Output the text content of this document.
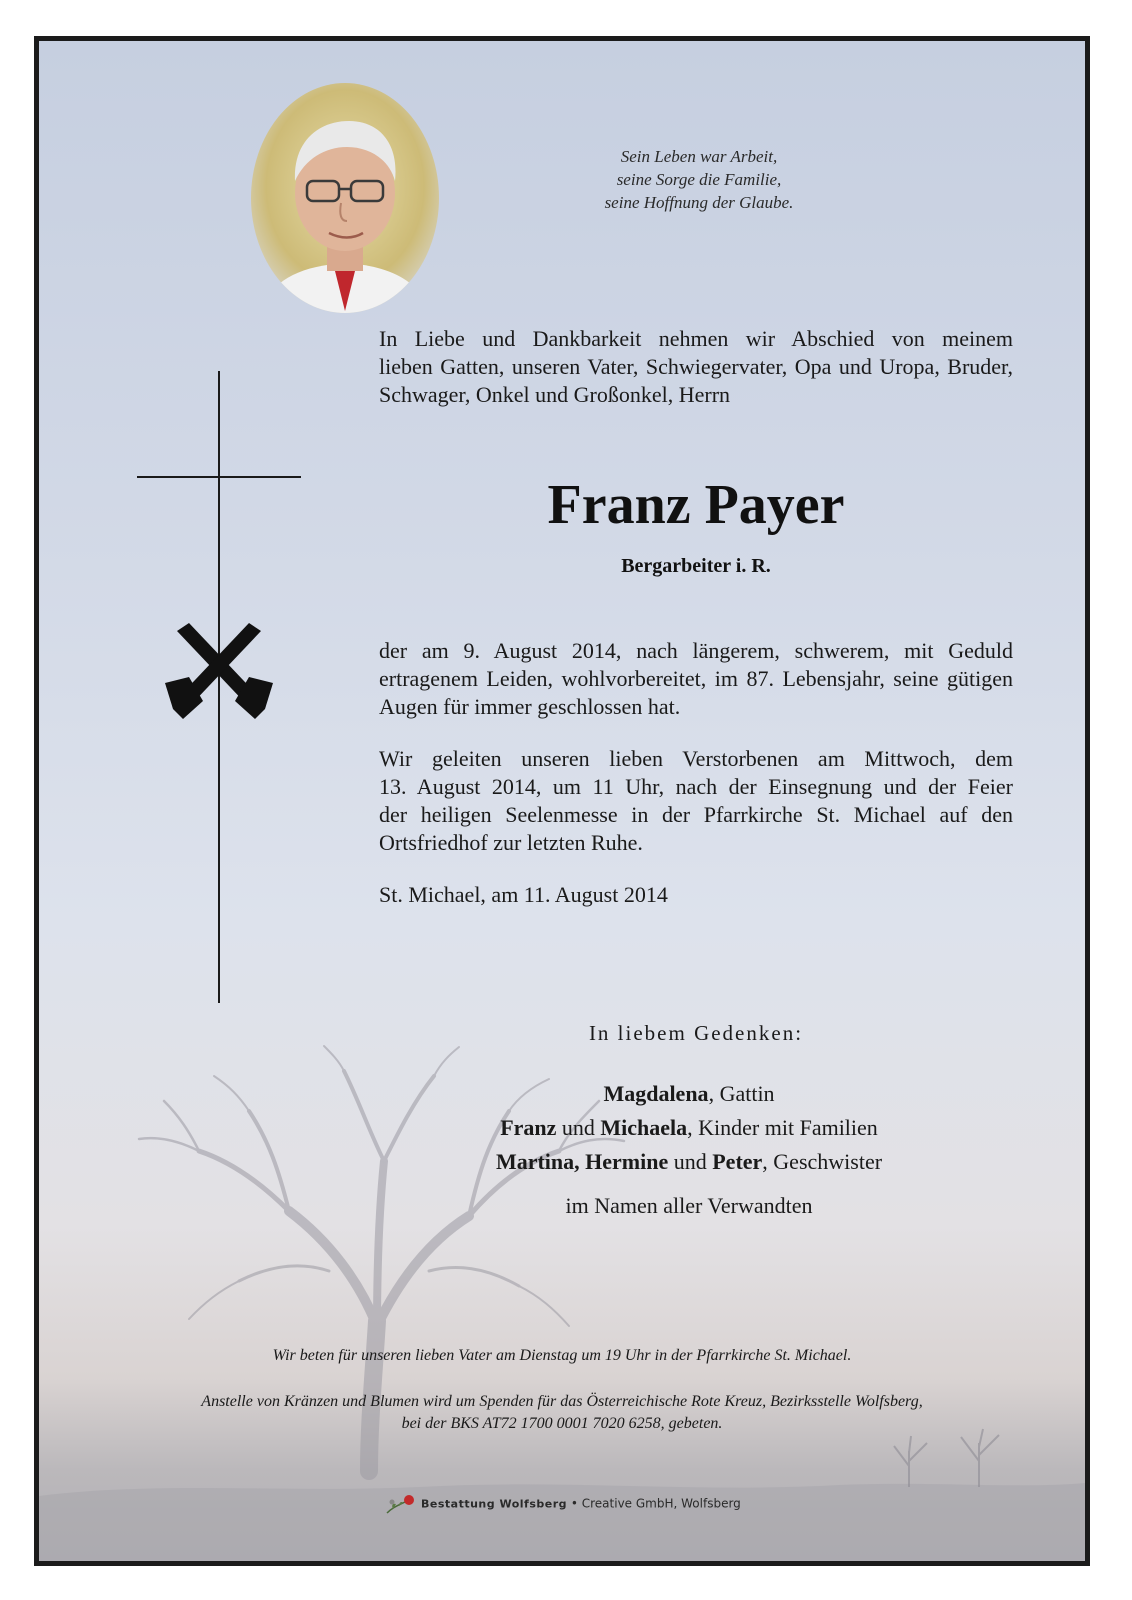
Sein Leben war Arbeit,
seine Sorge die Familie,
seine Hoffnung der Glaube.
In Liebe und Dankbarkeit nehmen wir Abschied von meinem
lieben Gatten, unseren Vater, Schwiegervater, Opa und Uropa, Bruder,
Schwager, Onkel und Großonkel, Herrn
Franz Payer
Bergarbeiter i. R.
der am 9. August 2014, nach längerem, schwerem, mit Geduld
ertragenem Leiden, wohlvorbereitet, im 87. Lebensjahr, seine gütigen
Augen für immer geschlossen hat.
Wir geleiten unseren lieben Verstorbenen am Mittwoch, dem
13. August 2014, um 11 Uhr, nach der Einsegnung und der Feier
der heiligen Seelenmesse in der Pfarrkirche St. Michael auf den
Ortsfriedhof zur letzten Ruhe.
St. Michael, am 11. August 2014
In liebem Gedenken:
Magdalena, Gattin
Franz und Michaela, Kinder mit Familien
Martina, Hermine und Peter, Geschwister
im Namen aller Verwandten
Wir beten für unseren lieben Vater am Dienstag um 19 Uhr in der Pfarrkirche St. Michael.
Anstelle von Kränzen und Blumen wird um Spenden für das Österreichische Rote Kreuz, Bezirksstelle Wolfsberg,
bei der BKS AT72 1700 0001 7020 6258, gebeten.
Bestattung Wolfsberg • Creative GmbH, Wolfsberg
